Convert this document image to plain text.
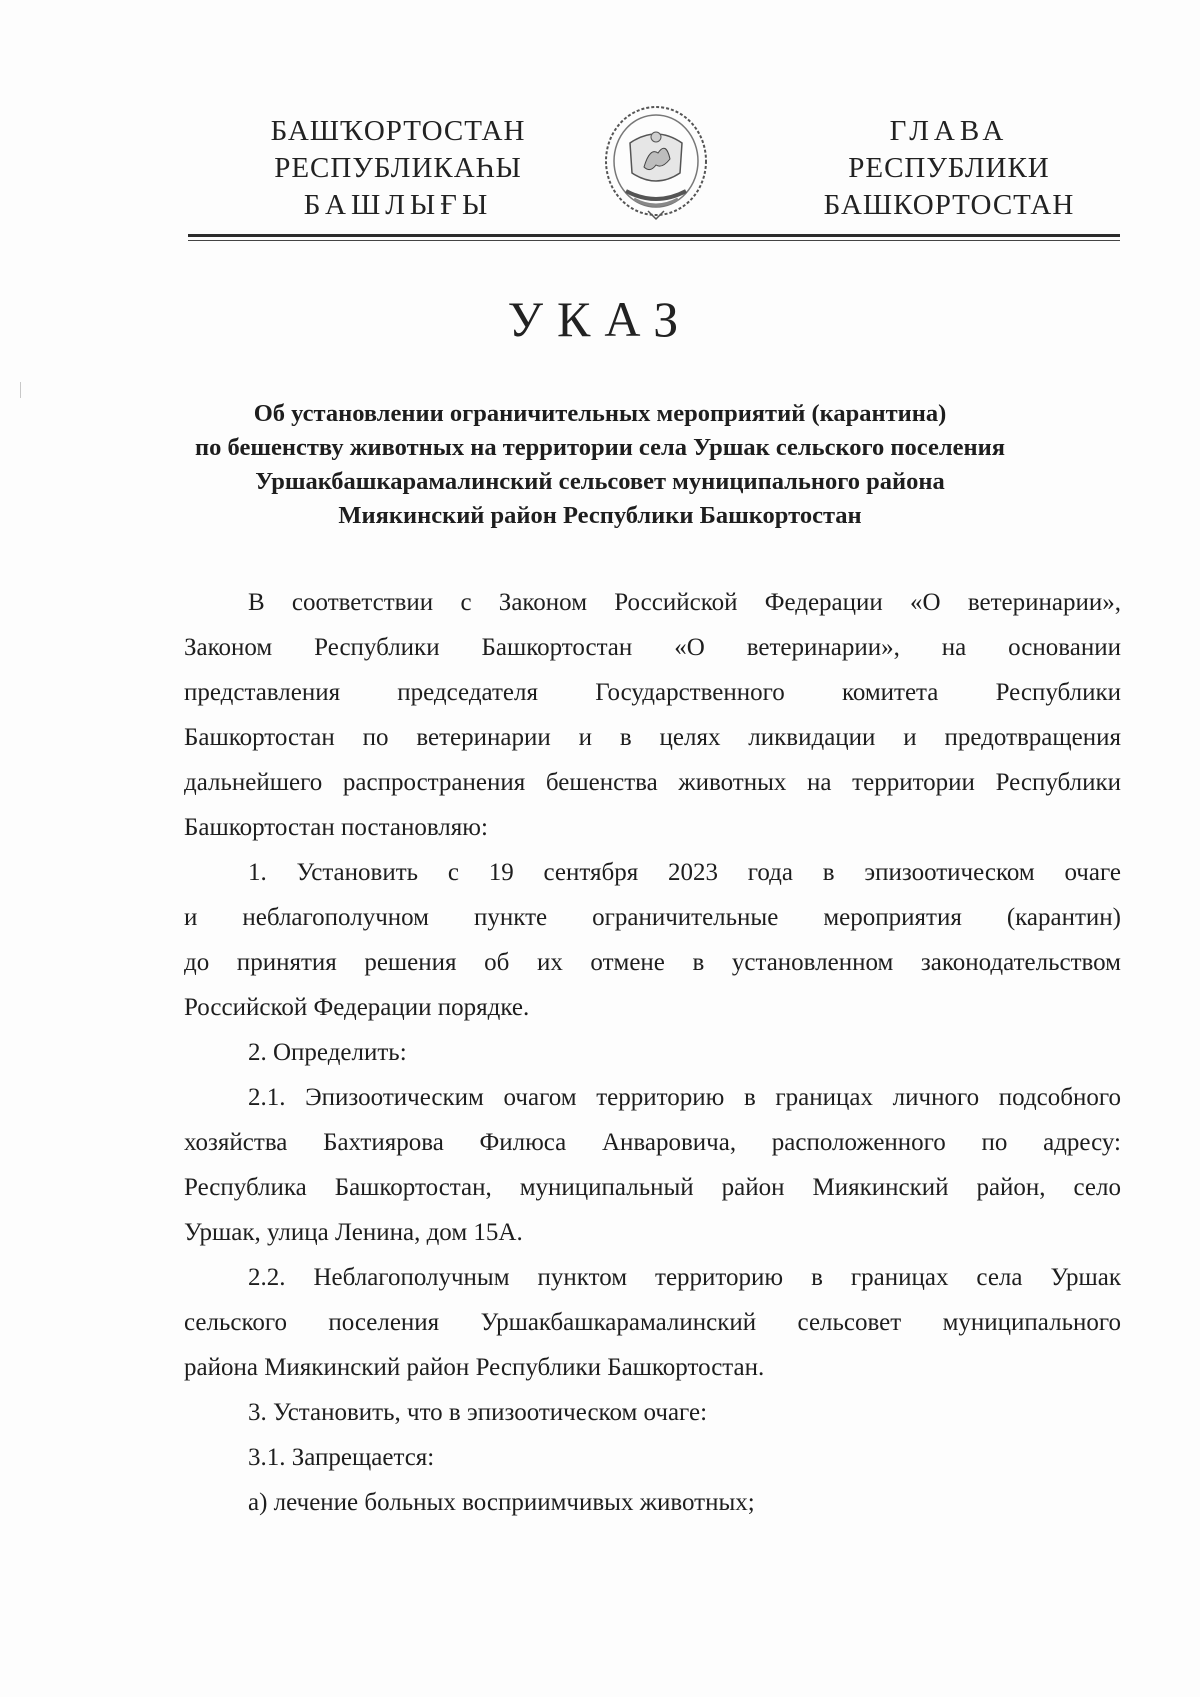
БАШҠОРТОСТАН
РЕСПУБЛИКАҺЫ
БАШЛЫҒЫ
ГЛАВА
РЕСПУБЛИКИ
БАШКОРТОСТАН
УКАЗ
Об установлении ограничительных мероприятий (карантина)
по бешенству животных на территории села Уршак сельского поселения
Уршакбашкарамалинский сельсовет муниципального района
Миякинский район Республики Башкортостан
В соответствии с Законом Российской Федерации «О ветеринарии»,
Законом Республики Башкортостан «О ветеринарии», на основании
представления председателя Государственного комитета Республики
Башкортостан по ветеринарии и в целях ликвидации и предотвращения
дальнейшего распространения бешенства животных на территории Республики
Башкортостан постановляю:
1. Установить с 19 сентября 2023 года в эпизоотическом очаге
и неблагополучном пункте ограничительные мероприятия (карантин)
до принятия решения об их отмене в установленном законодательством
Российской Федерации порядке.
2. Определить:
2.1. Эпизоотическим очагом территорию в границах личного подсобного
хозяйства Бахтиярова Филюса Анваровича, расположенного по адресу:
Республика Башкортостан, муниципальный район Миякинский район, село
Уршак, улица Ленина, дом 15А.
2.2. Неблагополучным пунктом территорию в границах села Уршак
сельского поселения Уршакбашкарамалинский сельсовет муниципального
района Миякинский район Республики Башкортостан.
3. Установить, что в эпизоотическом очаге:
3.1. Запрещается:
а) лечение больных восприимчивых животных;
